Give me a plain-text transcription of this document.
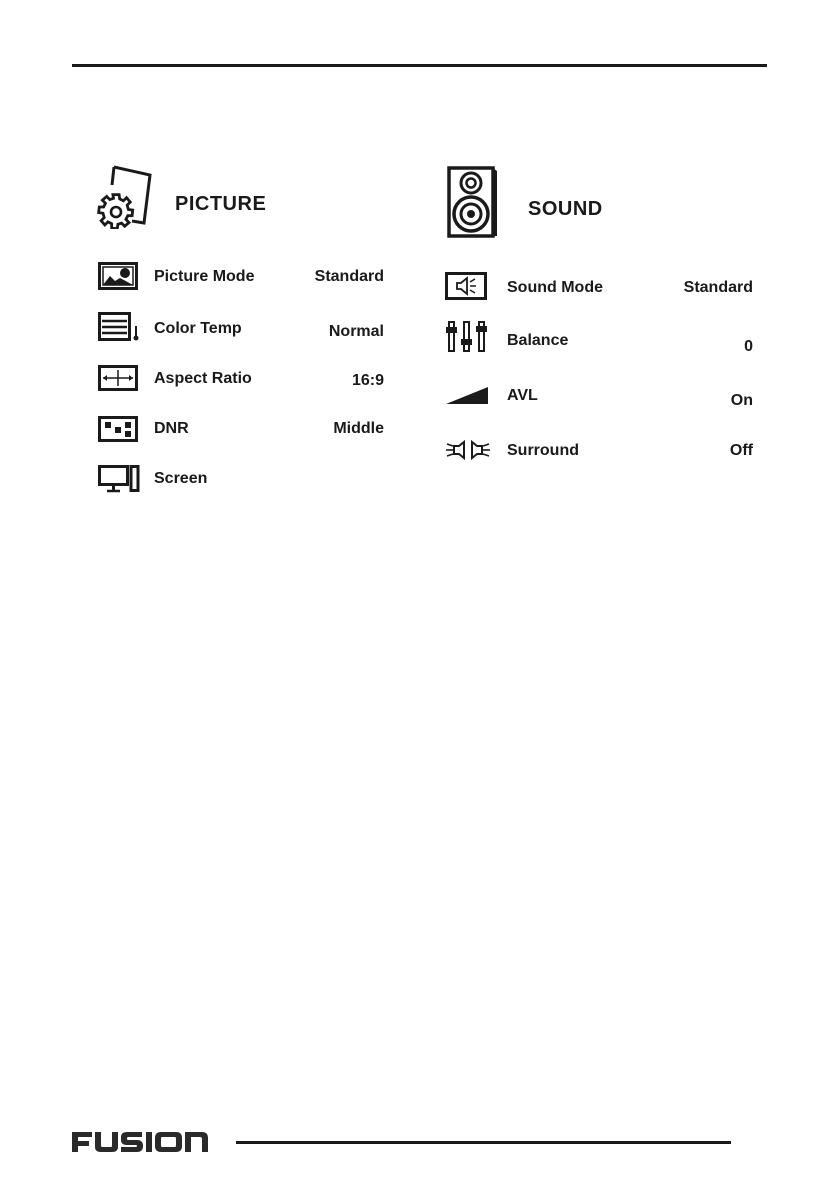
PICTURE	SOUND
Picture Mode	Standard
Color Temp	Normal
Aspect Ratio	16:9
DNR	Middle
Screen
Sound Mode	Standard
Balance	0
AVL	On
Surround	Off
